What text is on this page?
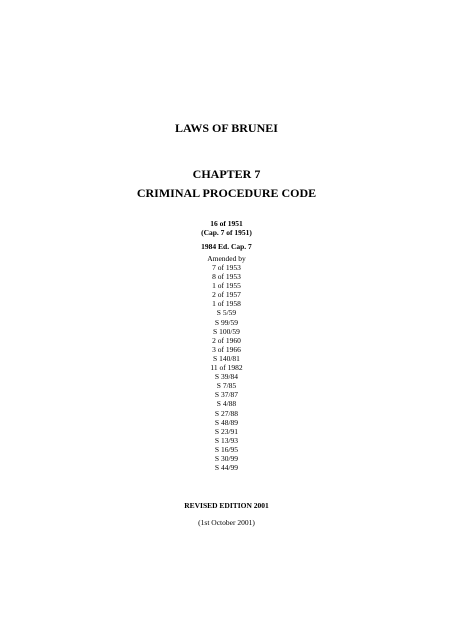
LAWS OF BRUNEI
CHAPTER 7
CRIMINAL PROCEDURE CODE
16 of 1951
(Cap. 7 of 1951)
1984 Ed. Cap. 7
Amended by
7 of 1953
8 of 1953
1 of 1955
2 of 1957
1 of 1958
S 5/59
S 99/59
S 100/59
2 of 1960
3 of 1966
S 140/81
11 of 1982
S 39/84
S 7/85
S 37/87
S 4/88
S 27/88
S 48/89
S 23/91
S 13/93
S 16/95
S 30/99
S 44/99
REVISED EDITION 2001
(1st October 2001)
